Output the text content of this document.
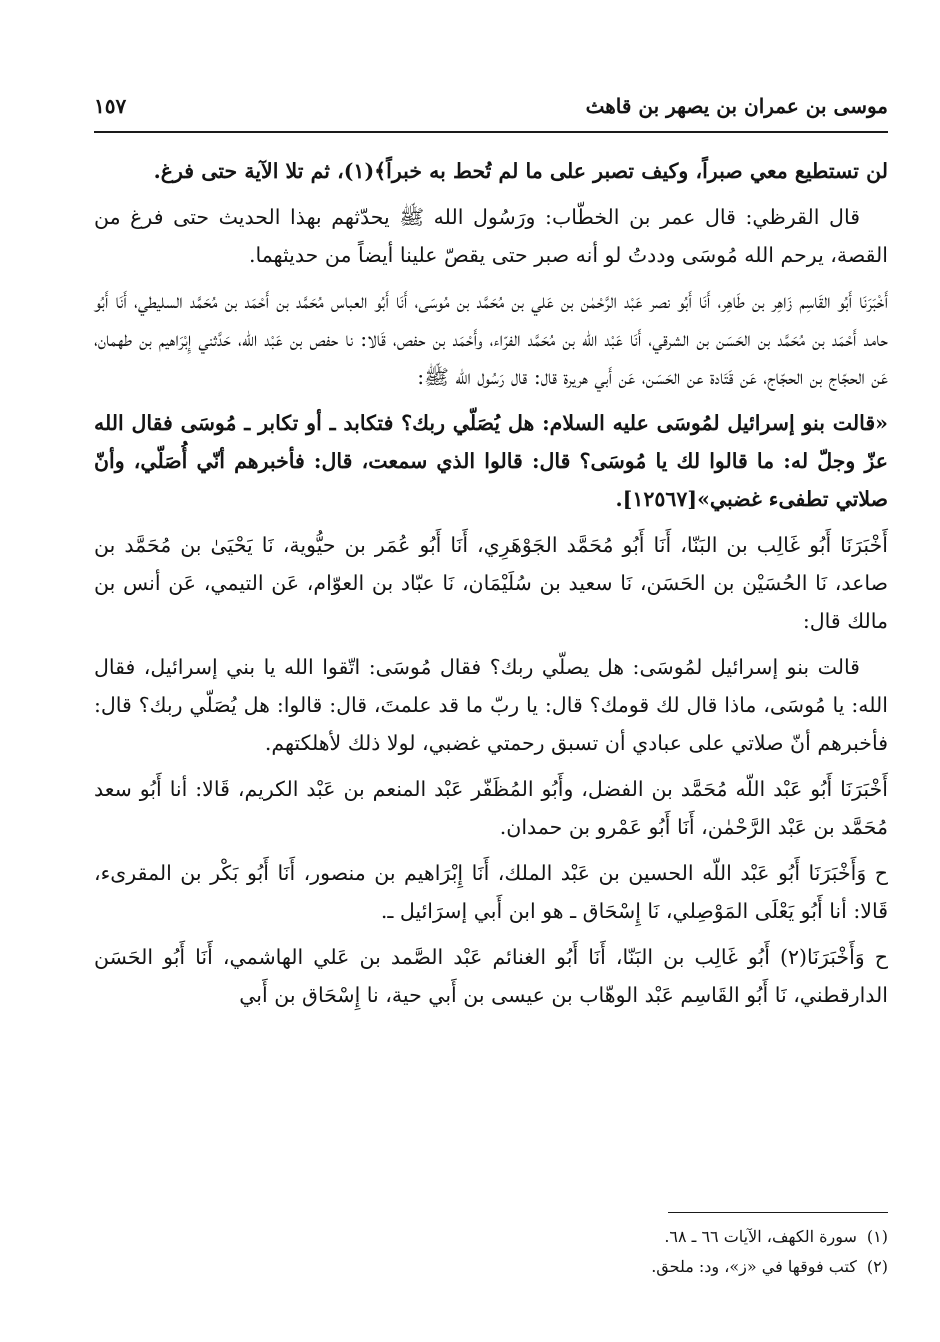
موسى بن عمران بن يصهر بن قاهث
١٥٧

لن تستطيع معي صبراً، وكيف تصبر على ما لم تُحط به خبراً﴾(١)، ثم تلا الآية حتى فرغ.

قال القرظي: قال عمر بن الخطّاب: ورَسُول الله ﷺ يحدّثهم بهذا الحديث حتى فرغ من القصة، يرحم الله مُوسَى وددتُ لو أنه صبر حتى يقصّ علينا أيضاً من حديثهما.

أَخْبَرَنَا أَبُو القَاسِم زَاهِر بن طَاهِر، أَنَا أَبُو نصر عَبْد الرَّحْمٰن بن عَلي بن مُحَمَّد بن مُوسَى، أَنَا أَبُو العباس مُحَمَّد بن أَحْمَد بن مُحَمَّد السليطي، أَنَا أَبُو حامد أَحْمَد بن مُحَمَّد بن الحَسَن بن الشرقي، أَنَا عَبْد اللّه بن مُحَمَّد الفرّاء، وأَحْمَد بن حفص، قَالا: نا حفص بن عَبْد اللّه، حَدَّثني إِبْرَاهيم بن طهمان، عَن الحجّاج بن الحجّاج، عَن قَتَادة عن الحَسَن، عَن أَبي هريرة قال: قال رَسُول الله ﷺ:

«قالت بنو إسرائيل لمُوسَى عليه السلام: هل يُصَلّي ربك؟ فتكابد ـ أو تكابر ـ مُوسَى فقال الله عزّ وجلّ له: ما قالوا لك يا مُوسَى؟ قال: قالوا الذي سمعت، قال: فأخبرهم أنّي أُصَلّي، وأنّ صلاتي تطفىء غضبي»[١٢٥٦٧].

أَخْبَرَنَا أَبُو غَالِب بن البَنّا، أَنَا أَبُو مُحَمَّد الجَوْهَرِي، أَنَا أَبُو عُمَر بن حيُّوية، نَا يَحْيَىٰ بن مُحَمَّد بن صاعد، نَا الحُسَيْن بن الحَسَن، نَا سعيد بن سُلَيْمَان، نَا عبّاد بن العوّام، عَن التيمي، عَن أنس بن مالك قال:

قالت بنو إسرائيل لمُوسَى: هل يصلّي ربك؟ فقال مُوسَى: اتّقوا الله يا بني إسرائيل، فقال الله: يا مُوسَى، ماذا قال لك قومك؟ قال: يا ربّ ما قد علمتَ، قال: قالوا: هل يُصَلّي ربك؟ قال: فأخبرهم أنّ صلاتي على عبادي أن تسبق رحمتي غضبي، لولا ذلك لأهلكتهم.

أَخْبَرَنَا أَبُو عَبْد اللّه مُحَمَّد بن الفضل، وأَبُو المُظَفّر عَبْد المنعم بن عَبْد الكريم، قَالا: أنا أَبُو سعد مُحَمَّد بن عَبْد الرَّحْمٰن، أَنَا أَبُو عَمْرو بن حمدان.

ح وَأَخْبَرَنَا أَبُو عَبْد اللّه الحسين بن عَبْد الملك، أَنَا إِبْرَاهيم بن منصور، أَنَا أَبُو بَكْر بن المقرىء، قَالا: أنا أَبُو يَعْلَى المَوْصِلي، نَا إِسْحَاق ـ هو ابن أَبي إسرَائيل ـ.

ح وَأَخْبَرَنَا(٢) أَبُو غَالِب بن البَنّا، أَنَا أَبُو الغنائم عَبْد الصَّمد بن عَلي الهاشمي، أَنَا أَبُو الحَسَن الدارقطني، نَا أَبُو القَاسِم عَبْد الوهّاب بن عيسى بن أَبي حية، نا إِسْحَاق بن أَبي

(١)
سورة الكهف، الآيات ٦٦ ـ ٦٨.
(٢)
كتب فوقها في «ز»، ود: ملحق.
